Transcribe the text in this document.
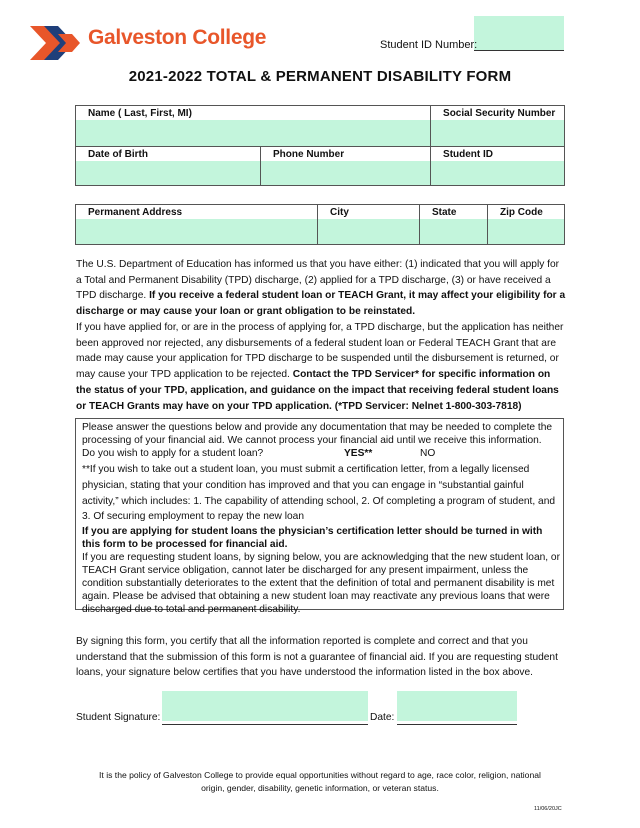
Galveston College	Student ID Number:
2021-2022 TOTAL & PERMANENT DISABILITY FORM
Name ( Last, First, MI)		Social Security Number

Date of Birth	Phone Number	Student ID
Permanent Address	City	State	Zip Code

The U.S. Department of Education has informed us that you have either: (1) indicated that you will apply for a Total and Permanent Disability (TPD) discharge, (2) applied for a TPD discharge, (3) or have received a TPD discharge. If you receive a federal student loan or TEACH Grant, it may affect your eligibility for a discharge or may cause your loan or grant obligation to be reinstated.

If you have applied for, or are in the process of applying for, a TPD discharge, but the application has neither been approved nor rejected, any disbursements of a federal student loan or Federal TEACH Grant that are made may cause your application for TPD discharge to be suspended until the disbursement is returned, or may cause your TPD application to be rejected. Contact the TPD Servicer* for specific information on the status of your TPD, application, and guidance on the impact that receiving federal student loans or TEACH Grants may have on your TPD application. (*TPD Servicer: Nelnet 1-800-303-7818)

Please answer the questions below and provide any documentation that may be needed to complete the processing of your financial aid. We cannot process your financial aid until we receive this information.

Do you wish to apply for a student loan?	YES**	NO

**If you wish to take out a student loan, you must submit a certification letter, from a legally licensed physician, stating that your condition has improved and that you can engage in “substantial gainful activity,” which includes: 1. The capability of attending school, 2. Of completing a program of student, and 3. Of securing employment to repay the new loan

If you are applying for student loans the physician’s certification letter should be turned in with this form to be processed for financial aid.

If you are requesting student loans, by signing below, you are acknowledging that the new student loan, or TEACH Grant service obligation, cannot later be discharged for any present impairment, unless the condition substantially deteriorates to the extent that the definition of total and permanent disability is met again. Please be advised that obtaining a new student loan may reactivate any previous loans that were discharged due to total and permanent disability.

By signing this form, you certify that all the information reported is complete and correct and that you understand that the submission of this form is not a guarantee of financial aid. If you are requesting student loans, your signature below certifies that you have understood the information listed in the box above.

Student Signature:	Date:

It is the policy of Galveston College to provide equal opportunities without regard to age, race color, religion, national origin, gender, disability, genetic information, or veteran status.

11/06/20JC
